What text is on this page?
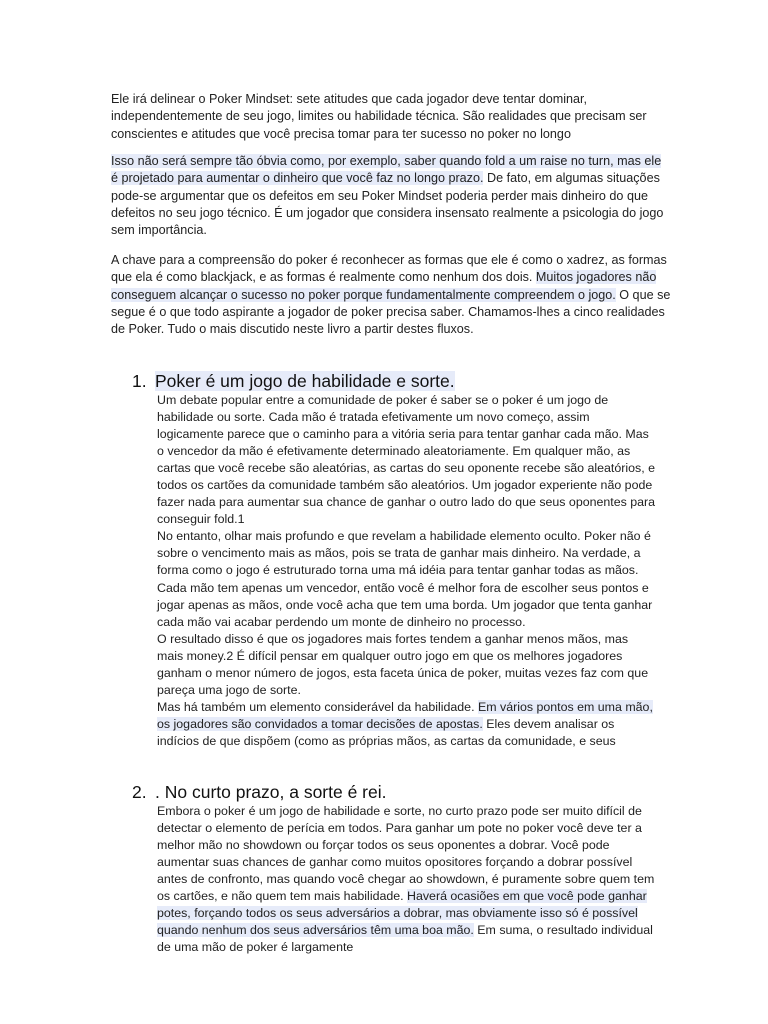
Ele irá delinear o Poker Mindset: sete atitudes que cada jogador deve tentar dominar, independentemente de seu jogo, limites ou habilidade técnica. São realidades que precisam ser conscientes e atitudes que você precisa tomar para ter sucesso no poker no longo
Isso não será sempre tão óbvia como, por exemplo, saber quando fold a um raise no turn, mas ele é projetado para aumentar o dinheiro que você faz no longo prazo. De fato, em algumas situações pode-se argumentar que os defeitos em seu Poker Mindset poderia perder mais dinheiro do que defeitos no seu jogo técnico. É um jogador que considera insensato realmente a psicologia do jogo sem importância.
A chave para a compreensão do poker é reconhecer as formas que ele é como o xadrez, as formas que ela é como blackjack, e as formas é realmente como nenhum dos dois. Muitos jogadores não conseguem alcançar o sucesso no poker porque fundamentalmente compreendem o jogo. O que se segue é o que todo aspirante a jogador de poker precisa saber. Chamamos-lhes a cinco realidades de Poker. Tudo o mais discutido neste livro a partir destes fluxos.
1. Poker é um jogo de habilidade e sorte.

Um debate popular entre a comunidade de poker é saber se o poker é um jogo de habilidade ou sorte. Cada mão é tratada efetivamente um novo começo, assim logicamente parece que o caminho para a vitória seria para tentar ganhar cada mão. Mas o vencedor da mão é efetivamente determinado aleatoriamente. Em qualquer mão, as cartas que você recebe são aleatórias, as cartas do seu oponente recebe são aleatórios, e todos os cartões da comunidade também são aleatórios. Um jogador experiente não pode fazer nada para aumentar sua chance de ganhar o outro lado do que seus oponentes para conseguir fold.1

No entanto, olhar mais profundo e que revelam a habilidade elemento oculto. Poker não é sobre o vencimento mais as mãos, pois se trata de ganhar mais dinheiro. Na verdade, a forma como o jogo é estruturado torna uma má idéia para tentar ganhar todas as mãos. Cada mão tem apenas um vencedor, então você é melhor fora de escolher seus pontos e jogar apenas as mãos, onde você acha que tem uma borda. Um jogador que tenta ganhar cada mão vai acabar perdendo um monte de dinheiro no processo.

O resultado disso é que os jogadores mais fortes tendem a ganhar menos mãos, mas mais money.2 É difícil pensar em qualquer outro jogo em que os melhores jogadores ganham o menor número de jogos, esta faceta única de poker, muitas vezes faz com que pareça uma jogo de sorte.

Mas há também um elemento considerável da habilidade. Em vários pontos em uma mão, os jogadores são convidados a tomar decisões de apostas. Eles devem analisar os indícios de que dispõem (como as próprias mãos, as cartas da comunidade, e seus

2. . No curto prazo, a sorte é rei.

Embora o poker é um jogo de habilidade e sorte, no curto prazo pode ser muito difícil de detectar o elemento de perícia em todos. Para ganhar um pote no poker você deve ter a melhor mão no showdown ou forçar todos os seus oponentes a dobrar. Você pode aumentar suas chances de ganhar como muitos opositores forçando a dobrar possível antes de confronto, mas quando você chegar ao showdown, é puramente sobre quem tem os cartões, e não quem tem mais habilidade. Haverá ocasiões em que você pode ganhar potes, forçando todos os seus adversários a dobrar, mas obviamente isso só é possível quando nenhum dos seus adversários têm uma boa mão. Em suma, o resultado individual de uma mão de poker é largamente
